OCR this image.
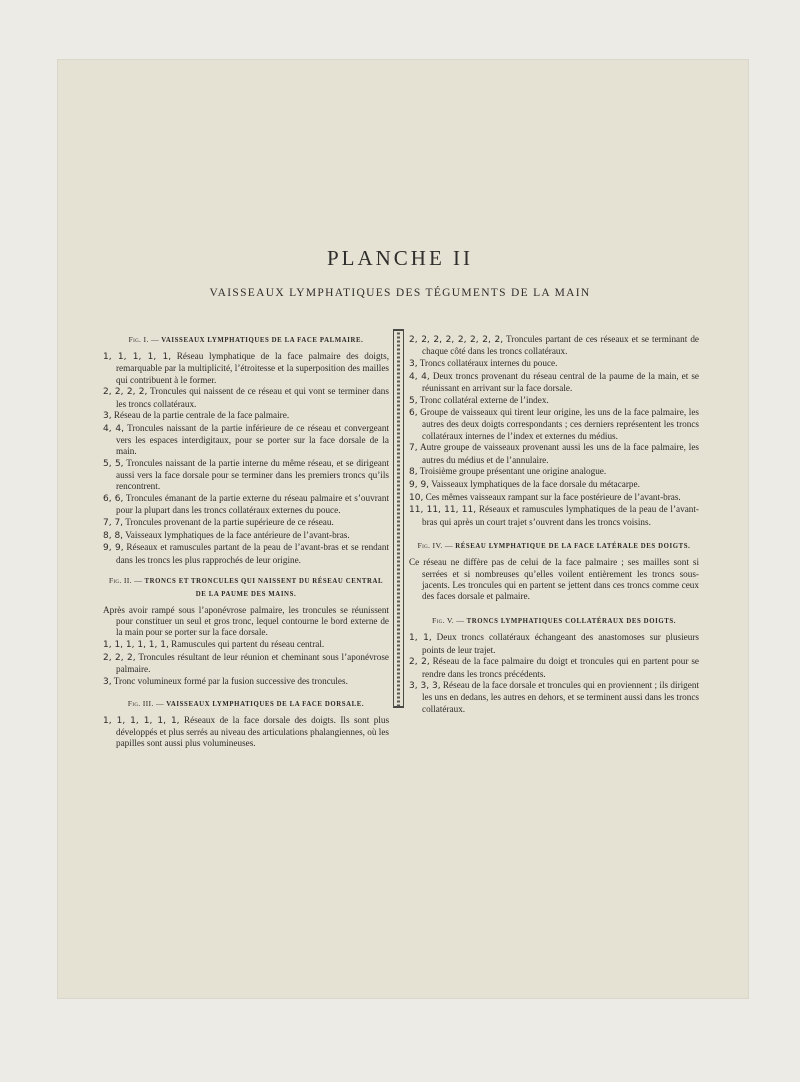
PLANCHE II
VAISSEAUX LYMPHATIQUES DES TÉGUMENTS DE LA MAIN
Fig. I. — VAISSEAUX LYMPHATIQUES DE LA FACE PALMAIRE.

1, 1, 1, 1, 1, Réseau lymphatique de la face palmaire des doigts, remarquable par la multiplicité, l’étroitesse et la superposition des mailles qui contribuent à le former.

2, 2, 2, 2, Troncules qui naissent de ce réseau et qui vont se terminer dans les troncs collatéraux.

3, Réseau de la partie centrale de la face palmaire.

4, 4, Troncules naissant de la partie inférieure de ce réseau et convergeant vers les espaces interdigitaux, pour se porter sur la face dorsale de la main.

5, 5, Troncules naissant de la partie interne du même réseau, et se dirigeant aussi vers la face dorsale pour se terminer dans les premiers troncs qu’ils rencontrent.

6, 6, Troncules émanant de la partie externe du réseau palmaire et s’ouvrant pour la plupart dans les troncs collatéraux externes du pouce.

7, 7, Troncules provenant de la partie supérieure de ce réseau.

8, 8, Vaisseaux lymphatiques de la face antérieure de l’avant-bras.

9, 9, Réseaux et ramuscules partant de la peau de l’avant-bras et se rendant dans les troncs les plus rapprochés de leur origine.

Fig. II. — TRONCS ET TRONCULES QUI NAISSENT DU RÉSEAU CENTRAL DE LA PAUME DES MAINS.

Après avoir rampé sous l’aponévrose palmaire, les troncules se réunissent pour constituer un seul et gros tronc, lequel contourne le bord externe de la main pour se porter sur la face dorsale.

1, 1, 1, 1, 1, 1, Ramuscules qui partent du réseau central.

2, 2, 2, Troncules résultant de leur réunion et cheminant sous l’aponévrose palmaire.

3, Tronc volumineux formé par la fusion successive des troncules.

Fig. III. — VAISSEAUX LYMPHATIQUES DE LA FACE DORSALE.

1, 1, 1, 1, 1, 1, Réseaux de la face dorsale des doigts. Ils sont plus développés et plus serrés au niveau des articulations phalangiennes, où les papilles sont aussi plus volumineuses.

2, 2, 2, 2, 2, 2, 2, 2, Troncules partant de ces réseaux et se terminant de chaque côté dans les troncs collatéraux.

3, Troncs collatéraux internes du pouce.

4, 4, Deux troncs provenant du réseau central de la paume de la main, et se réunissant en arrivant sur la face dorsale.

5, Tronc collatéral externe de l’index.

6, Groupe de vaisseaux qui tirent leur origine, les uns de la face palmaire, les autres des deux doigts correspondants ; ces derniers représentent les troncs collatéraux internes de l’index et externes du médius.

7, Autre groupe de vaisseaux provenant aussi les uns de la face palmaire, les autres du médius et de l’annulaire.

8, Troisième groupe présentant une origine analogue.

9, 9, Vaisseaux lymphatiques de la face dorsale du métacarpe.

10, Ces mêmes vaisseaux rampant sur la face postérieure de l’avant-bras.

11, 11, 11, 11, Réseaux et ramuscules lymphatiques de la peau de l’avant-bras qui après un court trajet s’ouvrent dans les troncs voisins.

Fig. IV. — RÉSEAU LYMPHATIQUE DE LA FACE LATÉRALE DES DOIGTS.

Ce réseau ne diffère pas de celui de la face palmaire ; ses mailles sont si serrées et si nombreuses qu’elles voilent entièrement les troncs sous-jacents. Les troncules qui en partent se jettent dans ces troncs comme ceux des faces dorsale et palmaire.

Fig. V. — TRONCS LYMPHATIQUES COLLATÉRAUX DES DOIGTS.

1, 1, Deux troncs collatéraux échangeant des anastomoses sur plusieurs points de leur trajet.

2, 2, Réseau de la face palmaire du doigt et troncules qui en partent pour se rendre dans les troncs précédents.

3, 3, 3, Réseau de la face dorsale et troncules qui en proviennent ; ils dirigent les uns en dedans, les autres en dehors, et se terminent aussi dans les troncs collatéraux.
